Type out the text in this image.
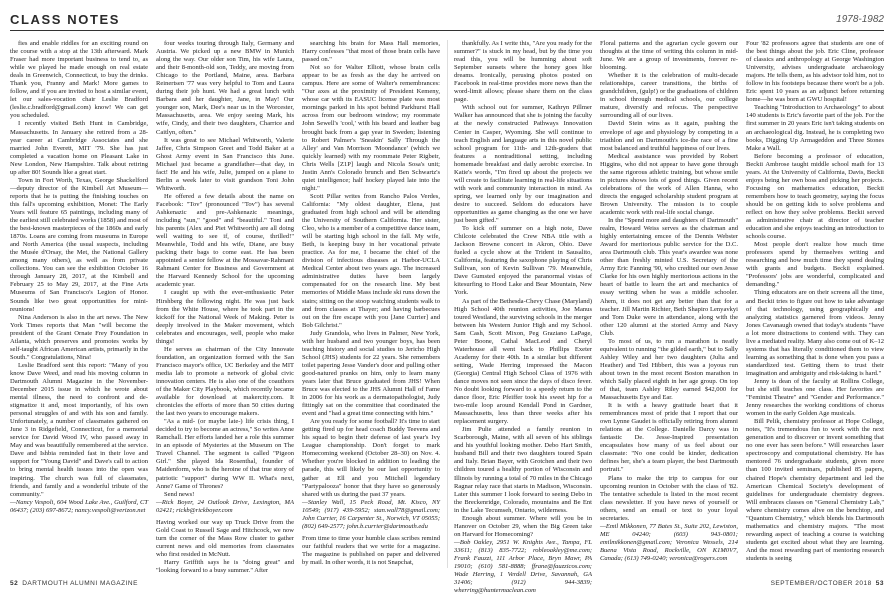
CLASS NOTES	1978-1982

fies and enable riddles for an exciting round on the course with a stop at the 13th afterward. Mark Fraser had more important business to tend to, as while we played he made enough on real estate deals in Greenwich, Connecticut, to buy the drinks. Thank you, Franny and Mark! More games to follow, and if you are invited to host a similar event, let our sales-vocation chair Leslie Bradford (leslie.c.bradford@gmail.com) know! We can get you scheduled.

I recently visited Beth Hunt in Cambridge, Massachusetts. In January she retired from a 28-year career at Cambridge Associates and she married John Everett, MIT '79. She has just completed a vacation home on Pleasant Lake in New London, New Hampshire. Talk about retiring up after 80! Sounds like a great start.

Town in Fort Worth, Texas, George Shackelford—deputy director of the Kimbell Art Museum—reports that he is putting the finishing touches on this fall's upcoming exhibition, Monet: The Early Years will feature 65 paintings, including many of the earliest still celebrated works (1858) and most of the best-known masterpieces of the 1860s and early 1870s. Loans are coming from museums in Europe and North America (the usual suspects, including the Musée d'Orsay, the Met, the National Gallery among many others), as well as from private collections. You can see the exhibition October 16 through January 28, 2017, at the Kimbell and February 25 to May 29, 2017, at the Fine Arts Museums of San Francisco's Legion of Honor. Sounds like two great opportunities for mini-reunions!

Nina Anderson is also in the art news. The New York Times reports that Man "will become the president of the Grant Ornate Frey Foundation in Atlanta, which preserves and promotes works by self-taught African American artists, primarily in the South." Congratulations, Nina!

Leslie Bradford sent this report: "Many of you know Dave Weed, and read his moving column in Dartmouth Alumni Magazine in the November-December 2015 issue in which he wrote about mental illness, the need to confront and de-stigmatize it and, most importantly, of his own personal struggles of and with his son and family. Unfortunately, a number of classmates gathered on June 3 in Ridgefield, Connecticut, for a memorial service for David Wood IV, who passed away in May and was beautifully remembered at the service. Dave and Ishbia reminded fast in their love and support for "Young David" and Dave's call to action to bring mental health issues into the open was inspiring. The church was full of classmates, friends, and family and a wonderful tribute of the community."

—Nancy Vespoli, 604 Wood Lake Ave., Guilford, CT 06437; (203) 697-8672; nancy.vespoli@verizon.net

four weeks touring through Italy, Germany and Austria. We picked up a new BMW in Munich along the way. Our older son Tim, his wife Laura, and their 8-month-old son, Teddy, are moving from Chicago to the Portland, Maine, area. Barbara Reinertsen '77 was very helpful to Tom and Laura during their job hunt. We had a great lunch with Barbara and her daughter, Jane, in May! Our younger son, Mark, Dee's near us in the Worcester, Massachusetts, area. We enjoy seeing Mark, his wife, Cindy, and their two daughters, Charrice and Caitlyn, often."

It was great to see Michael Whitworth, Valerie Jaffee, Chris Simpson Greet and Todd Baker at a Ghost Army event in San Francisco this June. Michael just became a grandfather—that day, in fact! He and his wife, Julie, jumped on a plane to Berlin a week later to visit grandson Toni John Whitworth.

He offered a few details about the name on Facebook: "Tov" (pronounced "Tov") has several Ashkenazic and pre-Ashkenazic meanings, including "sun," "good" and "beautiful." Toni and his parents (Alex and Piet Whitworth) are all doing well waiting to see if, of course, thrilled!" Meanwhile, Todd and his wife, Diane, are busy packing their bags to come east. He has been appointed a senior fellow at the Mossavar-Rahmani Rahmani Center for Business and Government at the Harvard Kennedy School for the upcoming academic year.

I caught up with the ever-enthusiastic Peter Hirshberg the following night. He was just back from the White House, where he took part in the kickoff for the National Week of Making. Peter is deeply involved in the Maker movement, which celebrates and encourages, well, people who make things!

He serves as chairman of the City Innovate foundation, an organization formed with the San Francisco mayor's office, UC Berkeley and the MIT media lab to promote a network of global civic innovation centers. He is also one of the coauthors of the Maker City Playbook, which recently became available for download at makercity.com. It chronicles the efforts of more than 50 cities during the last two years to encourage makers.

"As a mid- (or maybe late-) life crisis thing, I decided to try to become an actress," So writes Anne Ramchall. Her efforts landed her a role this summer in an episode of Mysteries at the Museum on The Travel Channel. The segment is called "Pigeon Girl." She played Ida Rosenthal, founder of Maidenform, who is the heroine of that true story of patriotic "support" during WW II. What's next, Anne? Game of Thrones?

Send news!

—Rick Boyer, 24 Outlook Drive, Lexington, MA 02421; rickb@rickboyer.com

Having worked our way up Truck Drive from the Gold Coast to Russell Sage and Hitchcock, we now turn the corner of the Mass Row cluster to gather current news and old memories from classmates who first resided in McNutt.

Harry Griffith says he is "doing great" and "looking forward to a busy summer." After

searching his brain for Mass Hall memories, Harry confesses "that most of those brain cells have passed on."

Not so for Walter Elliott, whose brain cells appear to be as fresh as the day he arrived on campus. Here are some of Walter's remembrances: "Our axes at the proximity of President Kemeny, whose car with its EASUC license plate was most mornings parked in his spot behind Parkhurst Hall across from our bedroom window; my roommate John Sewell's 'cool,' with his beard and leather bag brought back from a gap year in Sweden; listening to Robert Palmer's 'Sneakin' Sally Through the Alley' and Van Morrison 'Moondance' (which we quickly learned) with my roommate Peter Rigbeir, Chris Wells [Z1P] laugh and Nicola Sosa's unit; Justin Ann's Colorado brunch and Ben Schwartz's quiet intelligence; half hockey played late into the night."

Scott Pillar writes from Rancho Palos Verdes, California: "My oldest daughter, Elena, just graduated from high school and will be attending the University of Southern California. Her sister, Cleo, who is a member of a competitive dance team, will be starting high school in the fall. My wife, Beth, is keeping busy in her vocational private practice. As for me, I became the chief of the division of infectious diseases at Harbor-UCLA Medical Center about two years ago. The increased administrative duties have been largely compensated for on the research line. My best memories of Middle Mass include ski runs down the stairs; sitting on the stoop watching students walk to and from classes at Thayer; and having barbecues out on the fire escape with you [Jane Currier] and Bob Gilchrist."

Judy Grandola, who lives in Palmer, New York, with her husband and two younger boys, has been teaching history and social studies to Jericho High School (JHS) students for 22 years. She remembers toilet papering Jesse Vander's door and pulling other good-natured pranks on him, only to learn many years later that Bruce graduated from JHS! When Bruce was elected to the JHS Alumni Hall of Fame in 2006 for his work as a dermatopathologist, Judy fittingly sat on the committee that coordinated the event and "had a great time connecting with him."

Are you ready for some football? It's time to start getting fired up for head coach Buddy Teevens and his squad to begin their defense of last year's Ivy League championship. Don't forget to mark Homecoming weekend (October 28–30) on Nov. 4. Whether you're blocked in addition to leading the parade, this will likely be our last opportunity to gather at Ell and you Mitchell legendary "Partypalooza" honor that they have so generously shared with us during the past 37 years.

—Stanley Wall, 15 Peck Road, Mt. Kisco, NY 10549; (917) 439-5952; stan.wall78@gmail.com; John Currier, 16 Carpenter St., Norwich, VT 05055; (802) 649-2577; john.b.currier@dartmouth.edu

From time to time your humble class scribes remind our faithful readers that we write for a magazine. The magazine is published on paper and delivered by mail. In other words, it is not Snapchat,

thankfully. As I write this, "Are you ready for the summer?" is stuck in my head, but by the time you read this, you will be humming about soft September sunsets where the honey goes like dreams. Ironically, perusing photos posted on Facebook in real-time provides more news than the word-limit allows; please share them on the class page.

With school out for summer, Kathryn Pillmer Walker has announced that she is joining the faculty at the newly constructed Pathways Innovation Center in Casper, Wyoming. She will continue to teach English and language arts in this novel public school program for 11th- and 12th-graders that features a nontraditional setting, including homemade breakfast and daily aerobic exercise. In Katie's words, "I'm fired up about the projects we will create to facilitate learning in real-life situations with work and community interaction in mind. As spring, we learned only by our imagination and desire to succeed. Seldom do educators have opportunities as game changing as the one we have just been gifted."

To kick off summer on a high note, Dave Chilcote celebrated the Crew NBA title with a Jackson Browne concert in Akron, Ohio. Dave fueled a cycle show at the Trident in Sausalito, California, featuring the saxophone playing of Chris Sullivan, son of Kevin Sullivan '79. Meanwhile, Dave Gumsted enjoyed the paranormal vistas of kitesurfing to Hood Lake and Bear Mountain, New York.

As part of the Bethesda-Chevy Chase (Maryland) High School 40th reunion activities, Joe Manus toured Westland, the surviving schools in the merger between his Western Junior High and my School. Sam Cash, Scott Mixon, Peg Graziano LaPage, Peter Boone, Cathal MacLeod and Cheryl Waterhouse all went back to Phillips Exeter Academy for their 40th. In a similar but different setting, Wade Herring impressed the Macon (Georgia) Central High School Class of 1976 with dance moves not seen since the days of disco fever. No doubt looking forward to a speedy return to the dance floor, Eric Pfeiffer took his sweet hip for a two-mile loop around Kendall Pond in Gardner, Massachusetts, less than three weeks after his replacement surgery.

Jim Pulie attended a family reunion in Scarborough, Maine, with all seven of his siblings and his youthful looking mother. Debo Hart Smith, husband Bill and their two daughters toured Spain and Italy. Brian Bayer, with Grotchen and their two children toured a healthy portion of Wisconsin and Illinois by running a total of 70 miles in the Chicago Ragnar relay race that starts in Madison, Wisconsin. Later this summer I look forward to seeing Debo in the Breckenridge, Colorado, mountains and Be Ent in the Lake Tecumseh, Ontario, wilderness.

Enough about summer. Where will you be in Hanover on October 29, when the Big Green take on Harvard for Homecoming?

—Bob Oakley, 2951 W. Knights Ave., Tampa, FL 33611; (813) 835-7722; robleoakley@me.com; Frank Fauzzi, 111 Arbor Place, Bryn Mawr, PA 19010; (610) 581-8888; ffrane@fauzzicos.com; Wade Herring, 1 Verdell Drive, Savannah, GA 31406; (912) 944-3839; wherring@huntermaclean.com

Floral patterns and the agrarian cycle govern our thoughts at the time of writing this column in mid-June. We are a group of investments, forever re-blooming.

Whether it is the celebration of multi-decade relationships, career transitions, the births of grandchildren, (gulp!) or the graduations of children in school through medical schools, our college mature, diversify and refocus. The perspective surrounding all of our lives.

David Stein wins as it again, pushing the envelope of age and physiology by competing in a triathlon and on Dartmouth's ice-the race of a fine most balanced and truthful happiness of our lives.

Medical assistance was provided by Robert Higgins, who did not appear to have gone through the same rigorous athletic training, but whose smile in pictures shows lots of good things. Given recent celebrations of the work of Allen Hanna, who directs the engaged scholarship student program at Brown University. The mission is to couple academic work with real-life social change.

In the "Spend more and daughters of Dartmouth" realm, Howard Weiss serves as the chairman and highly entertaining emcee of the Dennis Webster Award for meritorious public service for the D.C. area Dartmouth club. This year's awardee was none other than freshly minted U.S. Secretary of the Army Eric Fanning '90, who credited our own Jesse Clarke for his own highly meritorious actions in the heart of battle to learn the art and mechanics of essay writing when he was a middle schooler. Ahem, it does not get any better than that for a teacher. Jill Martin Richter, Beth Shapiro Lenyavkyi and Tom Duke were in attendance, along with the other 120 alumni at the storied Army and Navy Club.

To most of us, to run a marathon is neatly equivalent to running "the gilded earth," but to Sally Ashley Wiley and her two daughters (Julia and Heather) and Ted Hibbert, this was a joyous run about town in the most recent Boston marathon in which Sally placed eighth in her age group. On top of that, team Ashley Riley earned $42,000 for Massachusetts Eye and Ear.

It is with a heavy gratitude heart that it remembrances most of pride that I report that our own Lynne Gaudet is officially retiring from alumni relations at the College. Danielle Darcy was in fantastic De. Jesse-Inspired presentation encapsulates how many of us feel about our classmate: "No one could be kinder, dedication defines her, she's a team player, the best Dartmouth portrait."

Plans to make the trip to campus for our upcoming reunion in October with the class of '82. The tentative schedule is listed in the most recent class newsletter. If you have news of yourself or others, send an email or text to your loyal secretaries.

—Emil Mikkonen, 77 Bates St., Suite 202, Lewiston, ME 04240; (603) 943-0801; emilmikkonen@gmail.com; Veronica Wessels, 214 Buena Vista Road, Rockville, ON K1M0V7, Canada; (613) 749-0240; veronica@rogers.com

Four '82 professors agree that students are one of the best things about the job. Eric Cline, professor of classics and anthropology at George Washington University, advises undergraduate archaeology majors. He tells them, as his advisor told him, not to follow in his footsteps because there won't be a job. Eric spent 10 years as an adjunct before returning home—he was born at GWU hospital!

Teaching "Introduction to Archaeology" to about 140 students is Eric's favorite part of the job. For the first summer in 20 years Eric isn't taking students on an archaeological dig. Instead, he is completing two books, Digging Up Armageddon and Three Stones Make a Wall.

Before becoming a professor of education, Beckii Ambrose taught middle school math for 13 years. At the University of California, Davis, Beckii enjoys being her own boss and picking her projects. Focusing on mathematics education, Beckii remembers how to teach geometry, saying the focus should be on getting kids to solve problems and reflect on how they solve problems. Beckii served as administrative chair at director of teacher education and she enjoys teaching an introduction to schools course.

Most people don't realize how much time professors spend by themselves writing and researching and how much time they spend dealing with grants and budgets. Beckii explained. "Professors' jobs are wonderful, complicated and demanding."

Thing educators are on their screens all the time, and Beckii tries to figure out how to take advantage of that technology, using geographically and analyzing statistics garnered from videos. Jenny Jones Cavanaugh owned that today's students "have a lot more distractions to contend with. They can live a mediated reality. Many also come out of K–12 systems that has literally conditioned them to view learning as something that is done when you pass a standardized test. Getting them to trust their imagination and ambiguity and risk-taking is hard."

Jenny is dean of the faculty at Rollins College, but she still teaches one class. Her favorites are "Feminist Theatre" and "Gender and Performance." Jenny researches the working conditions of chorus women in the early Golden Age musicals.

Bill Pelik, chemistry professor at Hope College, notes, "It's tremendous fun to work with the next generation and to discover or invent something that no one ever has seen before." Will researches laser spectroscopy and computational chemistry. He has mentored 76 undergraduate students, given more than 100 invited seminars, published 85 papers, chaired Hope's chemistry department and led the American Chemical Society's development of guidelines for undergraduate chemistry degrees. Will embraces classes on "General Chemistry Lab," where chemistry comes alive on the benchtop, and "Quantum Chemistry," which blends his Dartmouth mathematics and chemistry majors. "The most rewarding aspect of teaching a course is watching students get excited about what they are learning. And the most rewarding part of mentoring research students is seeing

52 DARTMOUTH ALUMNI MAGAZINE	SEPTEMBER/OCTOBER 2018 53
